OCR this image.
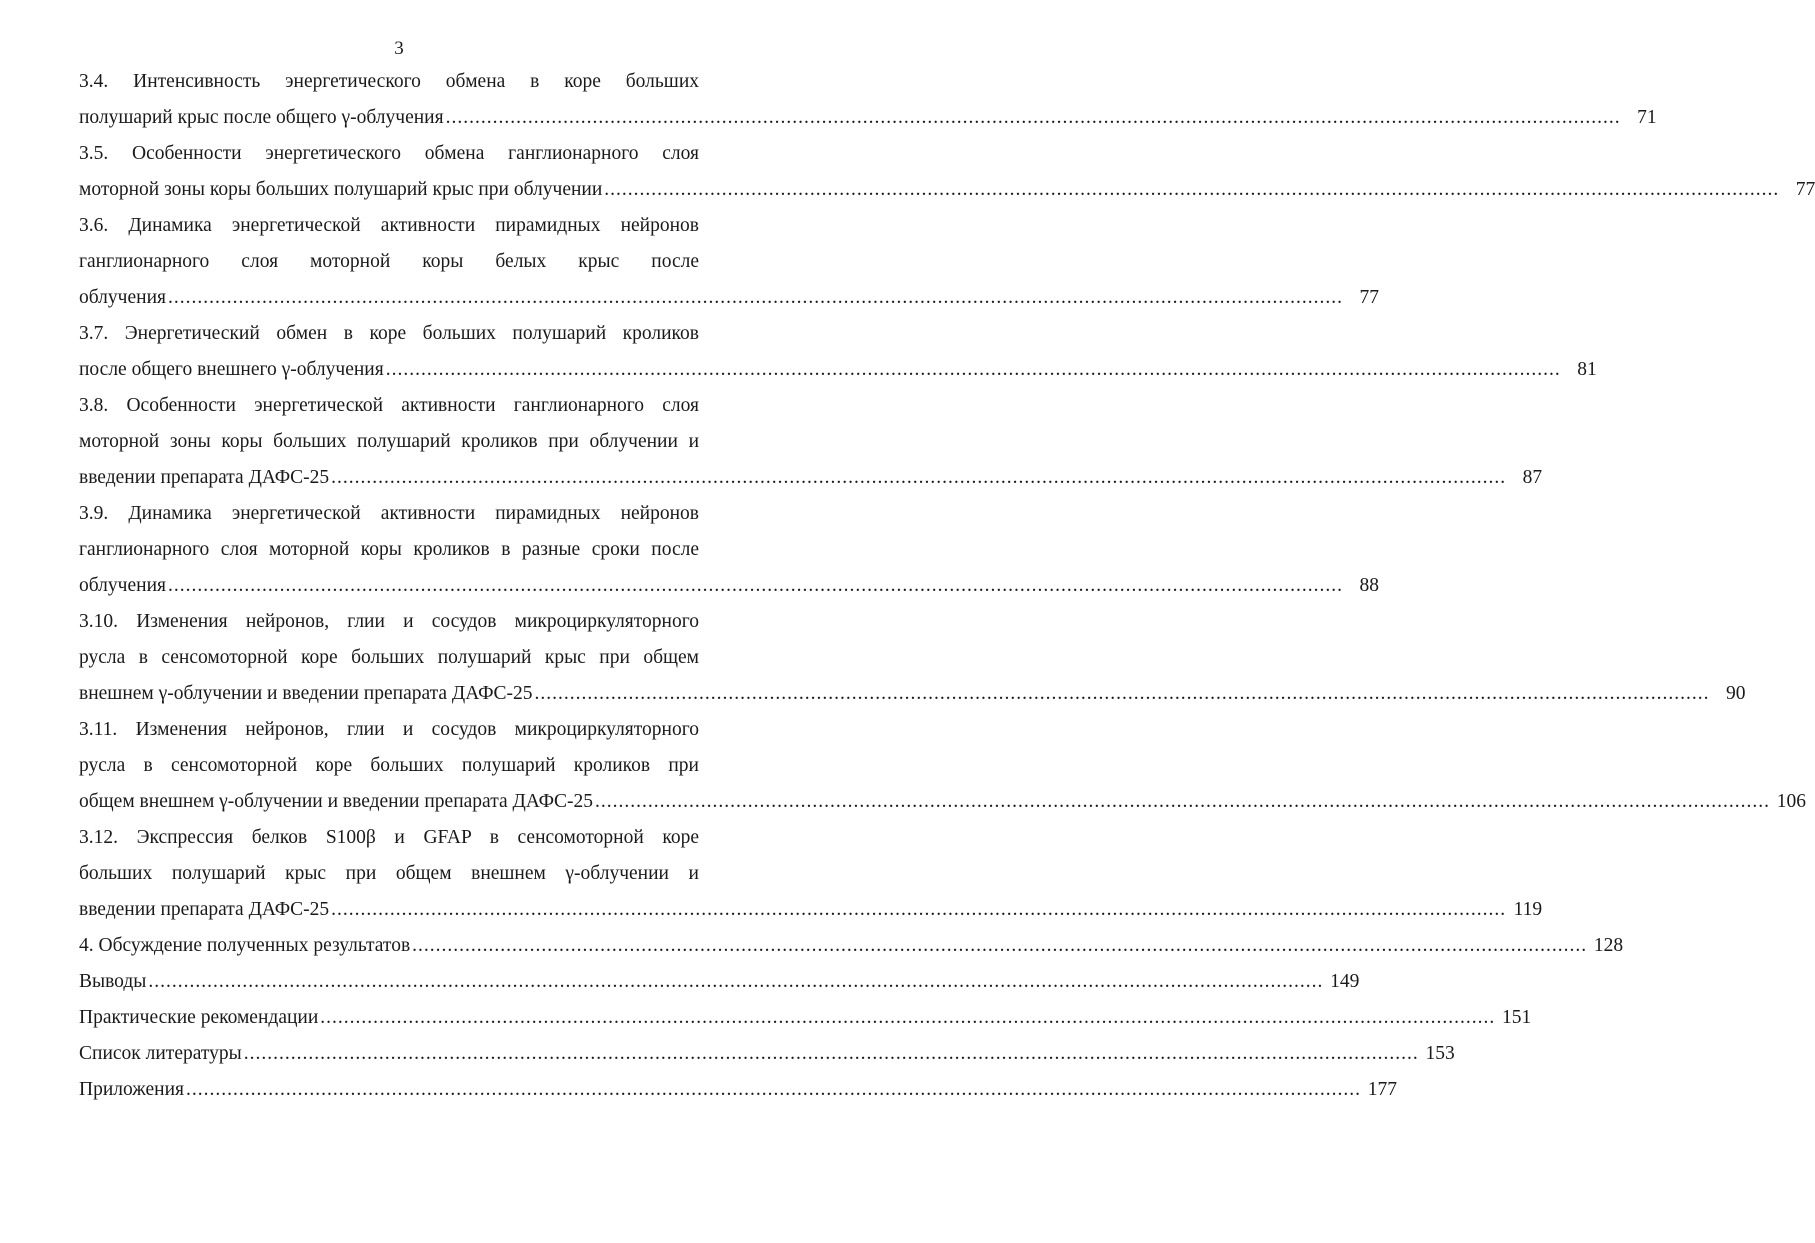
3
3.4. Интенсивность энергетического обмена в коре больших
полушарий крыс после общего γ-облучения ........................................................................................................................................................................................................ 71
3.5. Особенности энергетического обмена ганглионарного слоя
моторной зоны коры больших полушарий крыс при облучении ........................................................................................................................................................................................................ 77
3.6. Динамика энергетической активности пирамидных нейронов
ганглионарного слоя моторной коры белых крыс после
облучения ........................................................................................................................................................................................................ 77
3.7. Энергетический обмен в коре больших полушарий кроликов
после общего внешнего γ-облучения ........................................................................................................................................................................................................ 81
3.8. Особенности энергетической активности ганглионарного слоя
моторной зоны коры больших полушарий кроликов при облучении и
введении препарата ДАФС-25 ........................................................................................................................................................................................................ 87
3.9. Динамика энергетической активности пирамидных нейронов
ганглионарного слоя моторной коры кроликов в разные сроки после
облучения ........................................................................................................................................................................................................ 88
3.10. Изменения нейронов, глии и сосудов микроциркуляторного
русла в сенсомоторной коре больших полушарий крыс при общем
внешнем γ-облучении и введении препарата ДАФС-25 ........................................................................................................................................................................................................ 90
3.11. Изменения нейронов, глии и сосудов микроциркуляторного
русла в сенсомоторной коре больших полушарий кроликов при
общем внешнем γ-облучении и введении препарата ДАФС-25 ........................................................................................................................................................................................................ 106
3.12. Экспрессия белков S100β и GFAP в сенсомоторной коре
больших полушарий крыс при общем внешнем γ-облучении и
введении препарата ДАФС-25 ........................................................................................................................................................................................................ 119
4. Обсуждение полученных результатов ........................................................................................................................................................................................................ 128
Выводы ........................................................................................................................................................................................................ 149
Практические рекомендации ........................................................................................................................................................................................................ 151
Список литературы ........................................................................................................................................................................................................ 153
Приложения ........................................................................................................................................................................................................ 177
